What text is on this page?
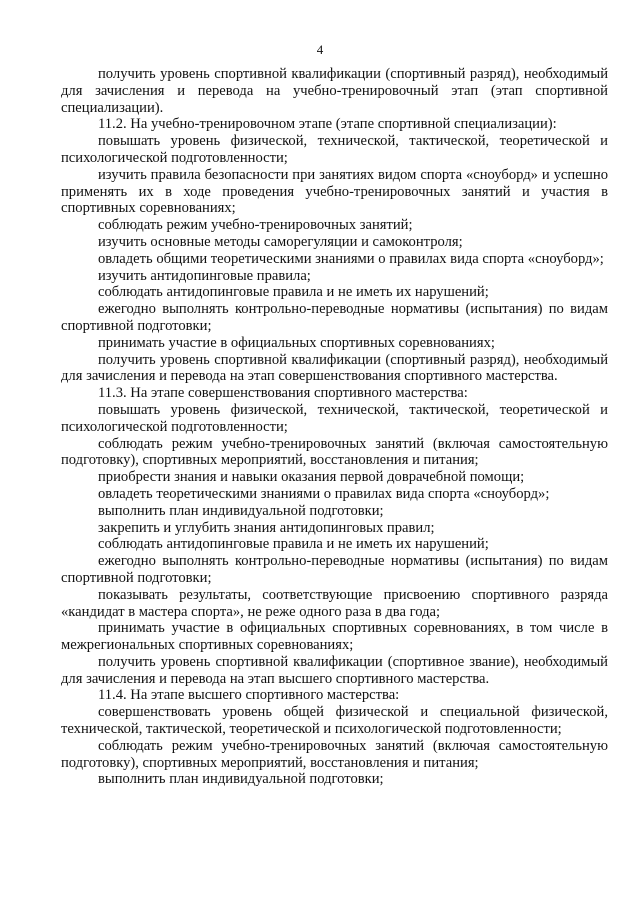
4

получить уровень спортивной квалификации (спортивный разряд), необходимый для зачисления и перевода на учебно-тренировочный этап (этап спортивной специализации).

11.2. На учебно-тренировочном этапе (этапе спортивной специализации):

повышать уровень физической, технической, тактической, теоретической и психологической подготовленности;

изучить правила безопасности при занятиях видом спорта «сноуборд» и успешно применять их в ходе проведения учебно-тренировочных занятий и участия в спортивных соревнованиях;

соблюдать режим учебно-тренировочных занятий;

изучить основные методы саморегуляции и самоконтроля;

овладеть общими теоретическими знаниями о правилах вида спорта «сноуборд»;

изучить антидопинговые правила;

соблюдать антидопинговые правила и не иметь их нарушений;

ежегодно выполнять контрольно-переводные нормативы (испытания) по видам спортивной подготовки;

принимать участие в официальных спортивных соревнованиях;

получить уровень спортивной квалификации (спортивный разряд), необходимый для зачисления и перевода на этап совершенствования спортивного мастерства.

11.3. На этапе совершенствования спортивного мастерства:

повышать уровень физической, технической, тактической, теоретической и психологической подготовленности;

соблюдать режим учебно-тренировочных занятий (включая самостоятельную подготовку), спортивных мероприятий, восстановления и питания;

приобрести знания и навыки оказания первой доврачебной помощи;

овладеть теоретическими знаниями о правилах вида спорта «сноуборд»;

выполнить план индивидуальной подготовки;

закрепить и углубить знания антидопинговых правил;

соблюдать антидопинговые правила и не иметь их нарушений;

ежегодно выполнять контрольно-переводные нормативы (испытания) по видам спортивной подготовки;

показывать результаты, соответствующие присвоению спортивного разряда «кандидат в мастера спорта», не реже одного раза в два года;

принимать участие в официальных спортивных соревнованиях, в том числе в межрегиональных спортивных соревнованиях;

получить уровень спортивной квалификации (спортивное звание), необходимый для зачисления и перевода на этап высшего спортивного мастерства.

11.4. На этапе высшего спортивного мастерства:

совершенствовать уровень общей физической и специальной физической, технической, тактической, теоретической и психологической подготовленности;

соблюдать режим учебно-тренировочных занятий (включая самостоятельную подготовку), спортивных мероприятий, восстановления и питания;

выполнить план индивидуальной подготовки;
